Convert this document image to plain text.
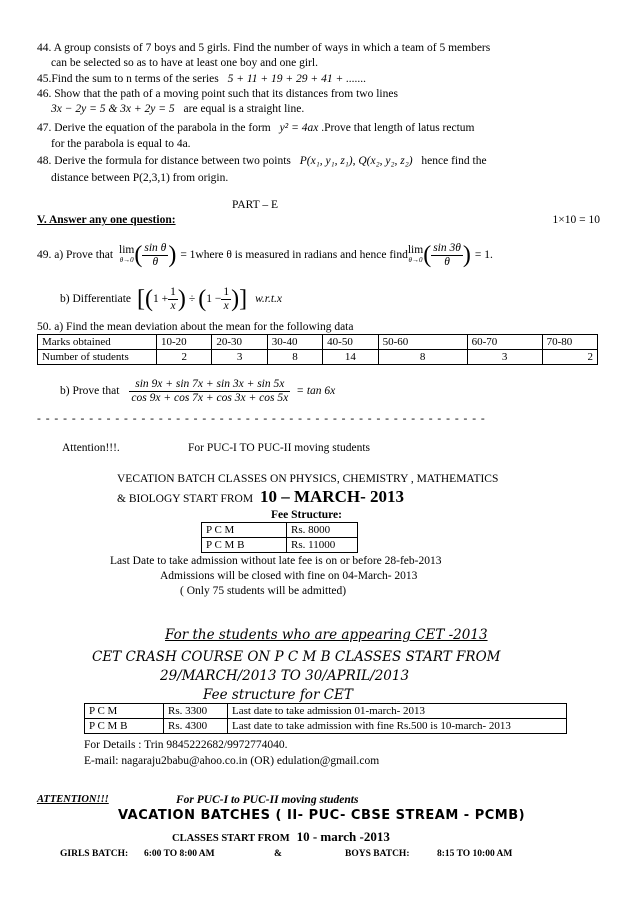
44. A group consists of 7 boys and 5 girls. Find the number of ways in which a team of 5 members
can be selected so as to have at least one boy and one girl.
45.Find the sum to n terms of the series 5 + 11 + 19 + 29 + 41 + .......
46. Show that the path of a moving point such that its distances from two lines
3x − 2y = 5 & 3x + 2y = 5 are equal is a straight line.
47. Derive the equation of the parabola in the form y² = 4ax .Prove that length of latus rectum
for the parabola is equal to 4a.
48. Derive the formula for distance between two points P(x₁, y₁, z₁), Q(x₂, y₂, z₂) hence find the
distance between P(2,3,1) from origin.
PART – E
V. Answer any one question:	1×10 = 10
49. a) Prove that lim
θ→0 ( $\frac{\text{sin θ}}{\theta}$ ) = 1where θ is measured in radians and hence find lim
θ→0 ( $\frac{\sin 3\theta}{\theta}$ ) = 1.
b) Differentiate [ ( $1 + \frac{1}{x}$ ) ÷ ( $1 - \frac{1}{x}$ ) ] w.r.t.x
50. a) Find the mean deviation about the mean for the following data
Marks obtained	10-20	20-30	30-40	40-50	50-60	60-70	70-80
Number of students	2	3	8	14	8	3	2
b) Prove that $\frac{\sin 9x + \sin 7x + \sin 3x + \sin 5x}{\cos 9x + \cos 7x + \cos 3x + \cos 5x} = \tan 6x$
- - - - - - - - - - - - - - - - - - - - - - - - - - - - - - - - - - - - - - - - - - - - - - - - - - - -
Attention!!!.	For PUC-I TO PUC-II moving students
VECATION BATCH CLASSES ON PHYSICS, CHEMISTRY , MATHEMATICS
& BIOLOGY START FROM 10 – MARCH- 2013
Fee Structure:
P C M	Rs. 8000
P C M B	Rs. 11000
Last Date to take admission without late fee is on or before 28-feb-2013
Admissions will be closed with fine on 04-March- 2013
( Only 75 students will be admitted)
For the students who are appearing CET -2013
CET CRASH COURSE ON P C M B CLASSES START FROM
29/MARCH/2013 TO 30/APRIL/2013
Fee structure for CET
P C M	Rs. 3300	Last date to take admission 01-march- 2013
P C M B	Rs. 4300	Last date to take admission with fine Rs.500 is 10-march- 2013
For Details : Trin 9845222682/9972774040.
E-mail: nagaraju2babu@ahoo.co.in (OR) edulation@gmail.com
ATTENTION!!!	For PUC-I to PUC-II moving students
VACATION BATCHES ( II- PUC- CBSE STREAM - PCMB)
CLASSES START FROM 10 - march -2013
GIRLS BATCH: 6:00 TO 8:00 AM	&	BOYS BATCH:	8:15 TO 10:00 AM
